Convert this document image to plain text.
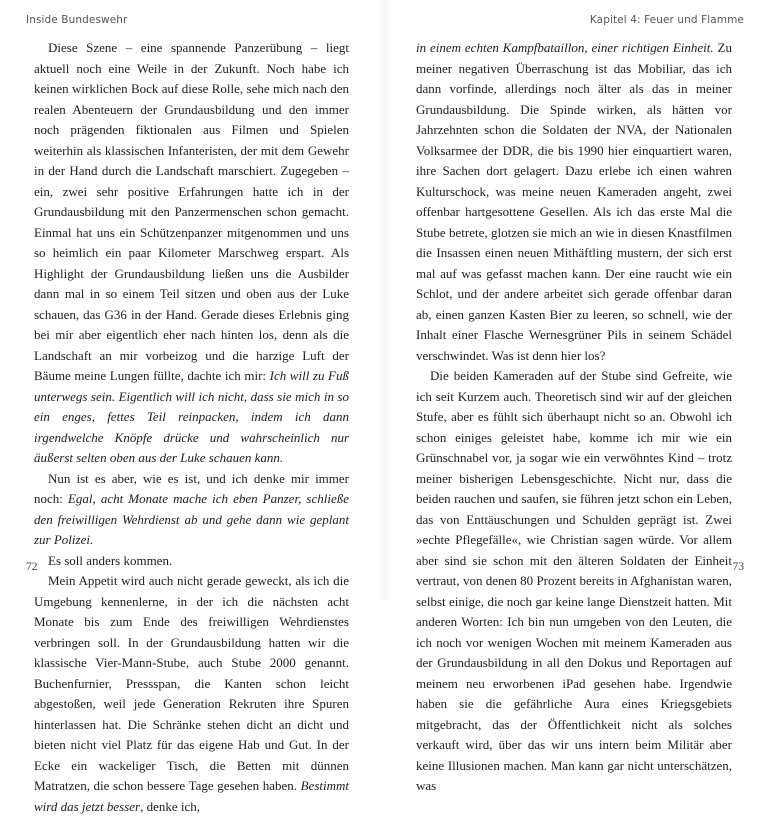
Inside Bundeswehr

Diese Szene – eine spannende Panzerübung – liegt aktuell noch eine Weile in der Zukunft. Noch habe ich keinen wirklichen Bock auf diese Rolle, sehe mich nach den realen Abenteuern der Grundausbildung und den immer noch prägenden fiktionalen aus Filmen und Spielen weiterhin als klassischen Infanteristen, der mit dem Gewehr in der Hand durch die Landschaft marschiert. Zugegeben – ein, zwei sehr positive Erfahrungen hatte ich in der Grundausbildung mit den Panzermenschen schon gemacht. Einmal hat uns ein Schützenpanzer mitgenommen und uns so heimlich ein paar Kilometer Marschweg erspart. Als Highlight der Grundausbildung ließen uns die Ausbilder dann mal in so einem Teil sitzen und oben aus der Luke schauen, das G36 in der Hand. Gerade dieses Erlebnis ging bei mir aber eigentlich eher nach hinten los, denn als die Landschaft an mir vorbeizog und die harzige Luft der Bäume meine Lungen füllte, dachte ich mir: Ich will zu Fuß unterwegs sein. Eigentlich will ich nicht, dass sie mich in so ein enges, fettes Teil reinpacken, indem ich dann irgendwelche Knöpfe drücke und wahrscheinlich nur äußerst selten oben aus der Luke schauen kann.

Nun ist es aber, wie es ist, und ich denke mir immer noch: Egal, acht Monate mache ich eben Panzer, schließe den freiwilligen Wehrdienst ab und gehe dann wie geplant zur Polizei.

Es soll anders kommen.

Mein Appetit wird auch nicht gerade geweckt, als ich die Umgebung kennenlerne, in der ich die nächsten acht Monate bis zum Ende des freiwilligen Wehrdienstes verbringen soll. In der Grundausbildung hatten wir die klassische Vier-Mann-Stube, auch Stube 2000 genannt. Buchenfurnier, Pressspan, die Kanten schon leicht abgestoßen, weil jede Generation Rekruten ihre Spuren hinterlassen hat. Die Schränke stehen dicht an dicht und bieten nicht viel Platz für das eigene Hab und Gut. In der Ecke ein wackeliger Tisch, die Betten mit dünnen Matratzen, die schon bessere Tage gesehen haben. Bestimmt wird das jetzt besser, denke ich,

72
Kapitel 4: Feuer und Flamme

in einem echten Kampfbataillon, einer richtigen Einheit. Zu meiner negativen Überraschung ist das Mobiliar, das ich dann vorfinde, allerdings noch älter als das in meiner Grundausbildung. Die Spinde wirken, als hätten vor Jahrzehnten schon die Soldaten der NVA, der Nationalen Volksarmee der DDR, die bis 1990 hier einquartiert waren, ihre Sachen dort gelagert. Dazu erlebe ich einen wahren Kulturschock, was meine neuen Kameraden angeht, zwei offenbar hartgesottene Gesellen. Als ich das erste Mal die Stube betrete, glotzen sie mich an wie in diesen Knastfilmen die Insassen einen neuen Mithäftling mustern, der sich erst mal auf was gefasst machen kann. Der eine raucht wie ein Schlot, und der andere arbeitet sich gerade offenbar daran ab, einen ganzen Kasten Bier zu leeren, so schnell, wie der Inhalt einer Flasche Wernesgrüner Pils in seinem Schädel verschwindet. Was ist denn hier los?

Die beiden Kameraden auf der Stube sind Gefreite, wie ich seit Kurzem auch. Theoretisch sind wir auf der gleichen Stufe, aber es fühlt sich überhaupt nicht so an. Obwohl ich schon einiges geleistet habe, komme ich mir wie ein Grünschnabel vor, ja sogar wie ein verwöhntes Kind – trotz meiner bisherigen Lebensgeschichte. Nicht nur, dass die beiden rauchen und saufen, sie führen jetzt schon ein Leben, das von Enttäuschungen und Schulden geprägt ist. Zwei »echte Pflegefälle«, wie Christian sagen würde. Vor allem aber sind sie schon mit den älteren Soldaten der Einheit vertraut, von denen 80 Prozent bereits in Afghanistan waren, selbst einige, die noch gar keine lange Dienstzeit hatten. Mit anderen Worten: Ich bin nun umgeben von den Leuten, die ich noch vor wenigen Wochen mit meinem Kameraden aus der Grundausbildung in all den Dokus und Reportagen auf meinem neu erworbenen iPad gesehen habe. Irgendwie haben sie die gefährliche Aura eines Kriegsgebiets mitgebracht, das der Öffentlichkeit nicht als solches verkauft wird, über das wir uns intern beim Militär aber keine Illusionen machen. Man kann gar nicht unterschätzen, was

73
